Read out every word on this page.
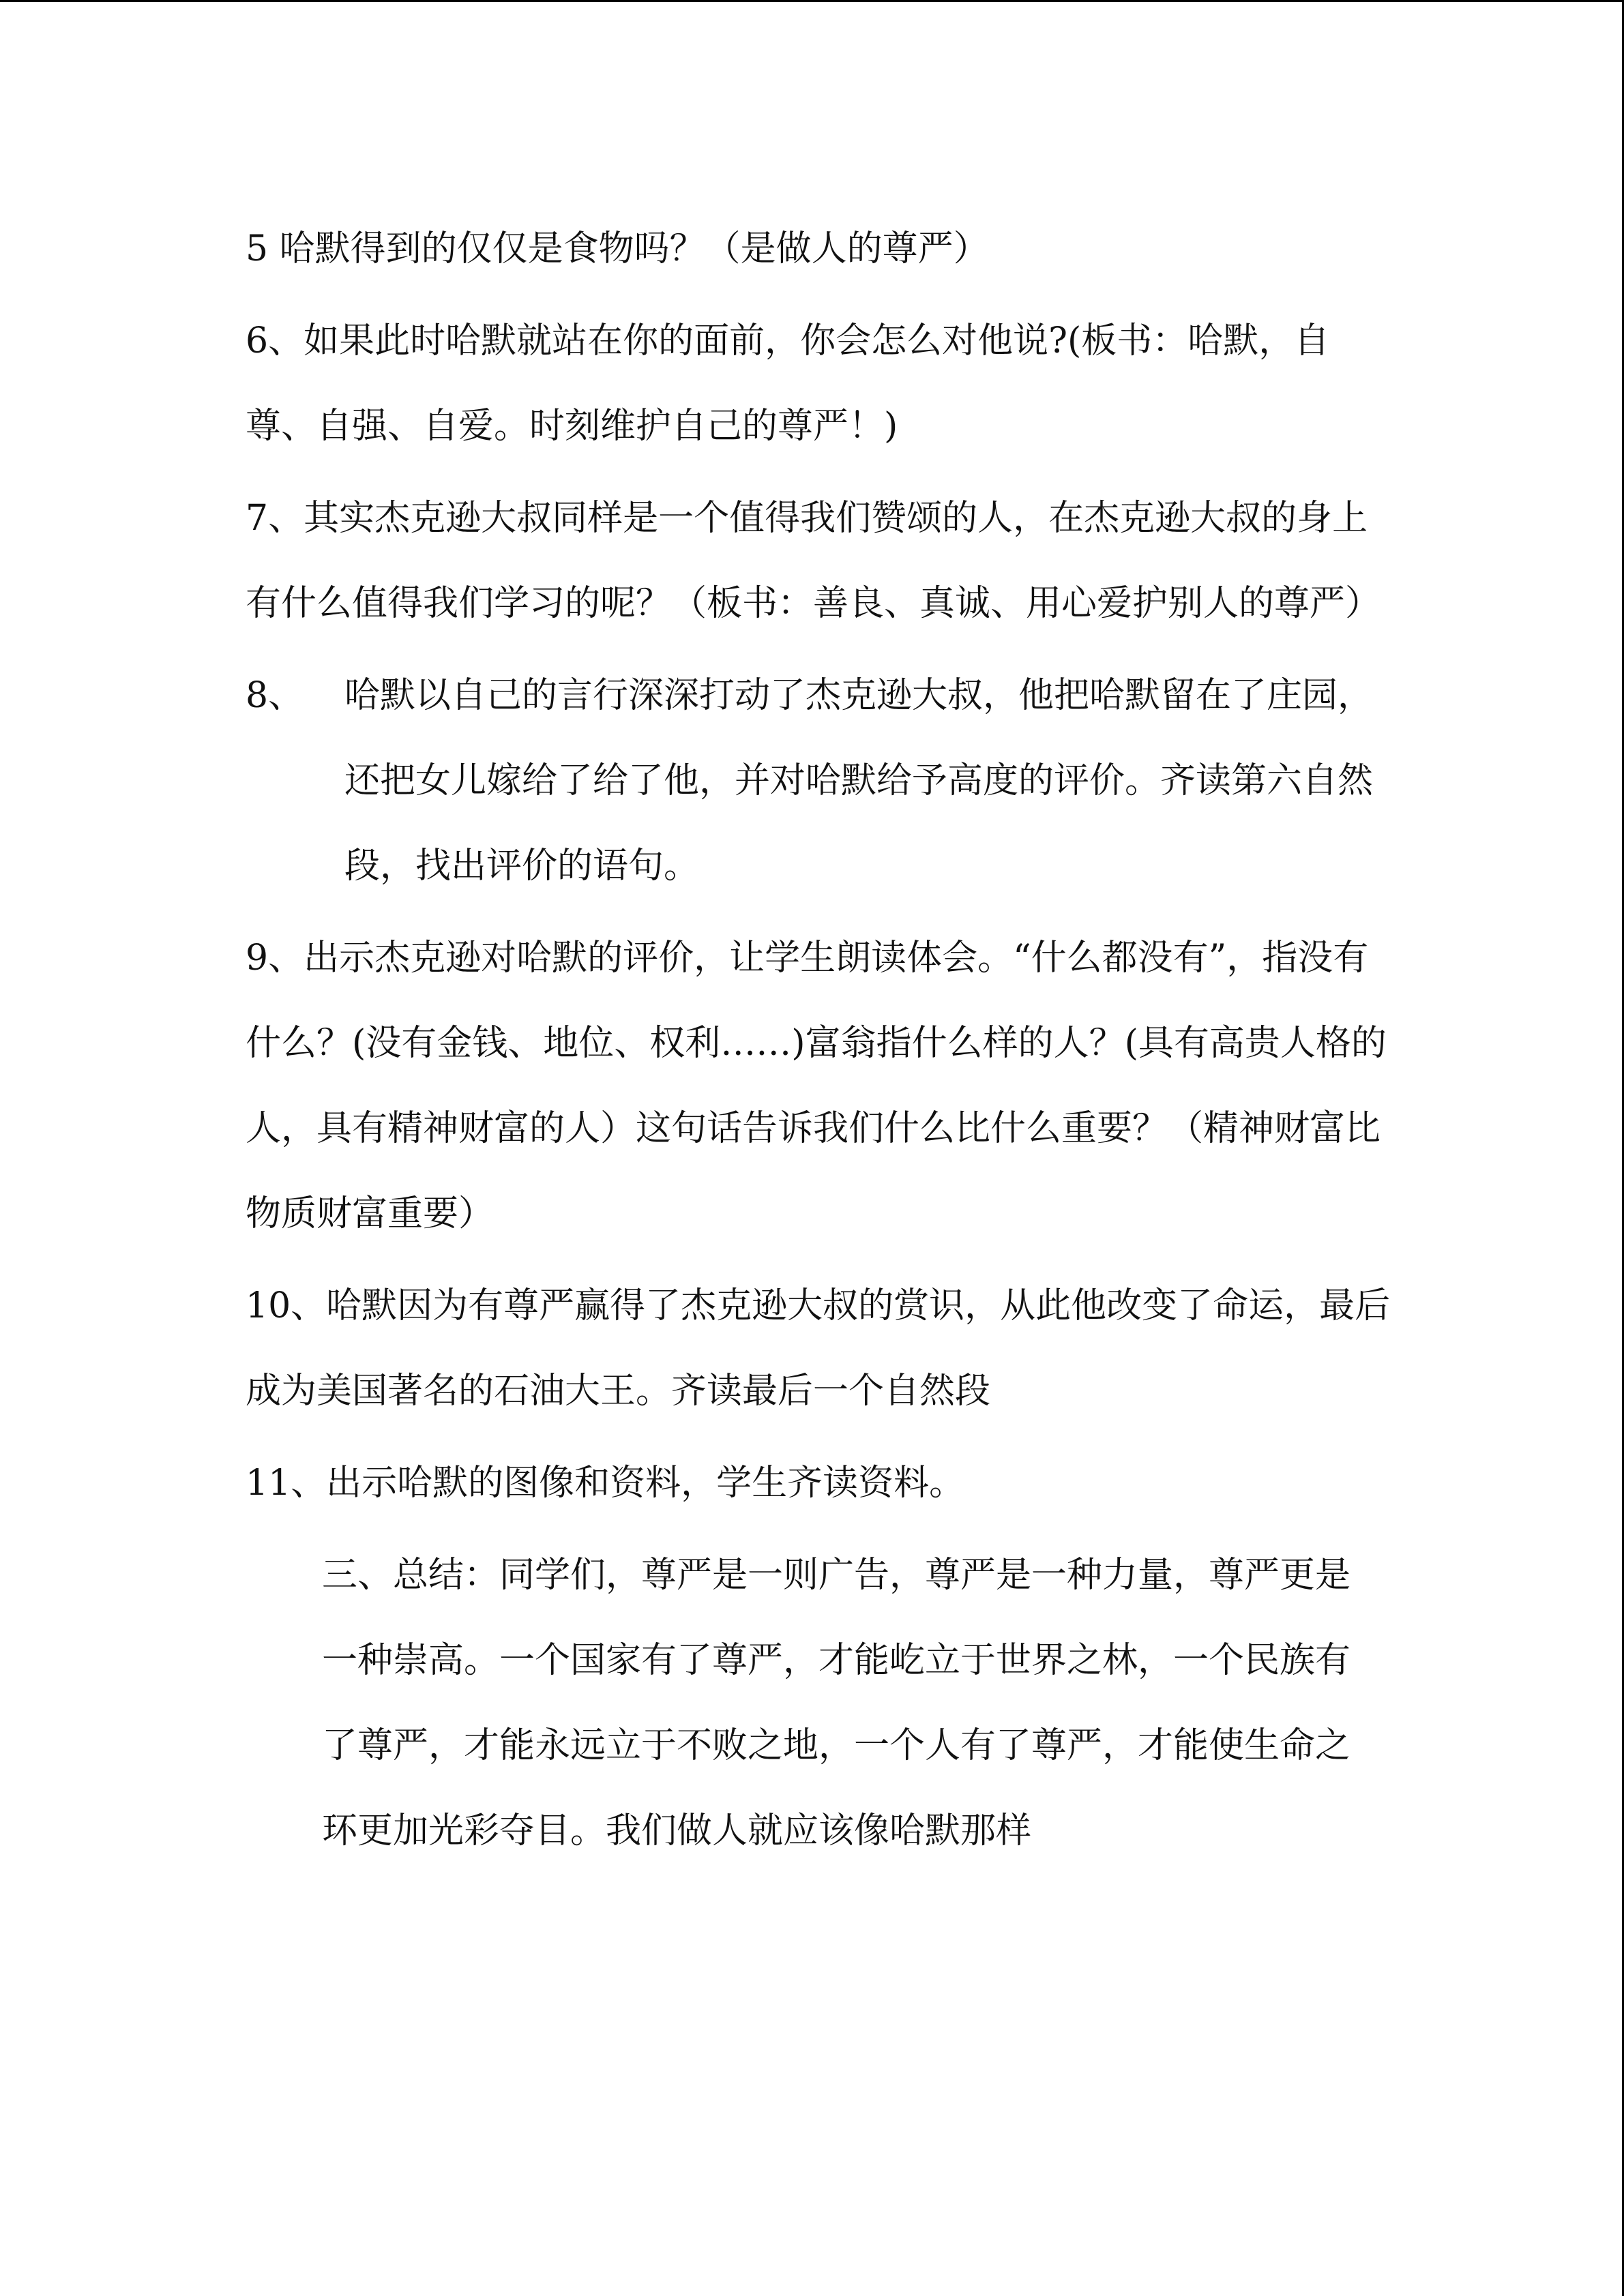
5 哈默得到的仅仅是食物吗？（是做人的尊严）

6、如果此时哈默就站在你的面前，你会怎么对他说?(板书：哈默，自尊、自强、自爱。时刻维护自己的尊严！)

7、其实杰克逊大叔同样是一个值得我们赞颂的人，在杰克逊大叔的身上有什么值得我们学习的呢？（板书：善良、真诚、用心爱护别人的尊严）

8、	哈默以自己的言行深深打动了杰克逊大叔，他把哈默留在了庄园，还把女儿嫁给了给了他，并对哈默给予高度的评价。齐读第六自然段，找出评价的语句。

9、出示杰克逊对哈默的评价，让学生朗读体会。“什么都没有”，指没有什么？(没有金钱、地位、权利……)富翁指什么样的人？(具有高贵人格的人，具有精神财富的人）这句话告诉我们什么比什么重要？（精神财富比物质财富重要）

10、哈默因为有尊严赢得了杰克逊大叔的赏识，从此他改变了命运，最后成为美国著名的石油大王。齐读最后一个自然段

11、出示哈默的图像和资料，学生齐读资料。

三、总结：同学们，尊严是一则广告，尊严是一种力量，尊严更是一种崇高。一个国家有了尊严，才能屹立于世界之林，一个民族有了尊严，才能永远立于不败之地，一个人有了尊严，才能使生命之环更加光彩夺目。我们做人就应该像哈默那样
